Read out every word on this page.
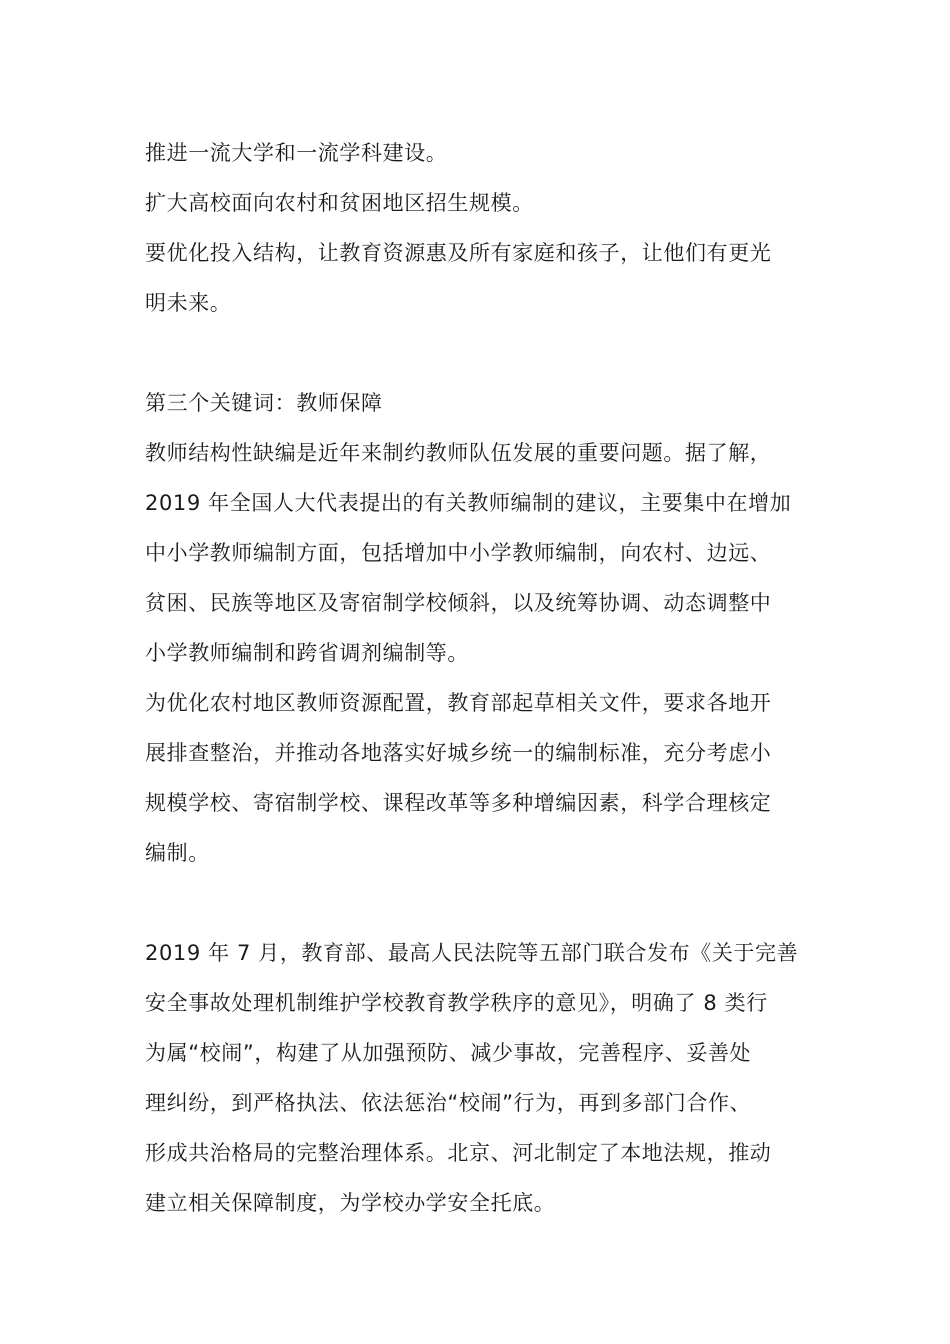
推进一流大学和一流学科建设。

扩大高校面向农村和贫困地区招生规模。

要优化投入结构，让教育资源惠及所有家庭和孩子，让他们有更光
明未来。

第三个关键词：教师保障

教师结构性缺编是近年来制约教师队伍发展的重要问题。据了解，
2019 年全国人大代表提出的有关教师编制的建议，主要集中在增加
中小学教师编制方面，包括增加中小学教师编制，向农村、边远、
贫困、民族等地区及寄宿制学校倾斜，以及统筹协调、动态调整中
小学教师编制和跨省调剂编制等。

为优化农村地区教师资源配置，教育部起草相关文件，要求各地开
展排查整治，并推动各地落实好城乡统一的编制标准，充分考虑小
规模学校、寄宿制学校、课程改革等多种增编因素，科学合理核定
编制。

2019 年 7 月，教育部、最高人民法院等五部门联合发布《关于完善
安全事故处理机制维护学校教育教学秩序的意见》，明确了 8 类行
为属“校闹”，构建了从加强预防、减少事故，完善程序、妥善处
理纠纷，到严格执法、依法惩治“校闹”行为，再到多部门合作、
形成共治格局的完整治理体系。北京、河北制定了本地法规，推动
建立相关保障制度，为学校办学安全托底。
